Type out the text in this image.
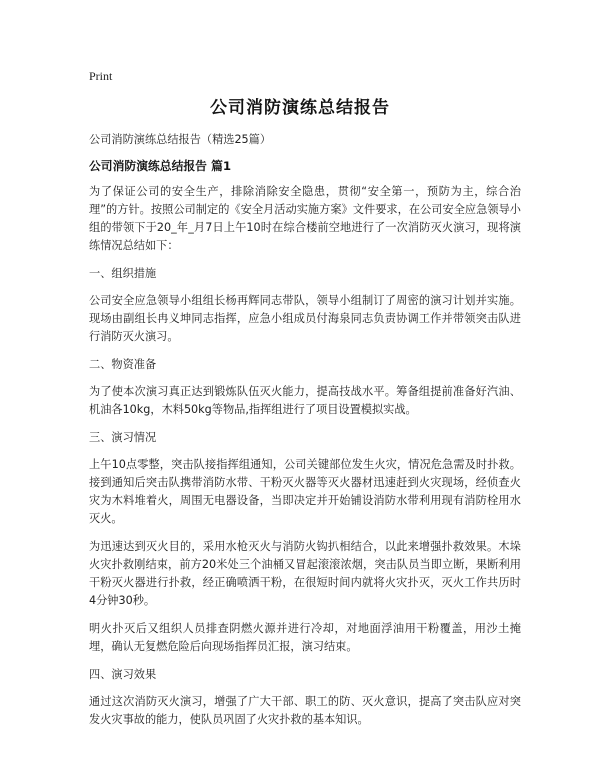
Print
公司消防演练总结报告

公司消防演练总结报告（精选25篇）

公司消防演练总结报告 篇1

为了保证公司的安全生产，排除消除安全隐患，贯彻“安全第一，预防为主，综合治理”的方针。按照公司制定的《安全月活动实施方案》文件要求，在公司安全应急领导小组的带领下于20_年_月7日上午10时在综合楼前空地进行了一次消防灭火演习，现将演练情况总结如下：

一、组织措施

公司安全应急领导小组组长杨再辉同志带队，领导小组制订了周密的演习计划并实施。现场由副组长冉义坤同志指挥，应急小组成员付海泉同志负责协调工作并带领突击队进行消防灭火演习。

二、物资准备

为了使本次演习真正达到锻炼队伍灭火能力，提高技战水平。筹备组提前准备好汽油、机油各10kg，木料50kg等物品,指挥组进行了项目设置模拟实战。

三、演习情况

上午10点零整，突击队接指挥组通知，公司关键部位发生火灾，情况危急需及时扑救。接到通知后突击队携带消防水带、干粉灭火器等灭火器材迅速赶到火灾现场，经侦查火灾为木料堆着火，周围无电器设备，当即决定并开始铺设消防水带利用现有消防栓用水灭火。

为迅速达到灭火目的，采用水枪灭火与消防火钩扒相结合，以此来增强扑救效果。木垛火灾扑救刚结束，前方20米处三个油桶又冒起滚滚浓烟，突击队员当即立断，果断利用干粉灭火器进行扑救，经正确喷洒干粉，在很短时间内就将火灾扑灭，灭火工作共历时4分钟30秒。

明火扑灭后又组织人员排查阴燃火源并进行冷却，对地面浮油用干粉覆盖，用沙土掩埋，确认无复燃危险后向现场指挥员汇报，演习结束。

四、演习效果

通过这次消防灭火演习，增强了广大干部、职工的防、灭火意识，提高了突击队应对突发火灾事故的能力，使队员巩固了火灾扑救的基本知识。
